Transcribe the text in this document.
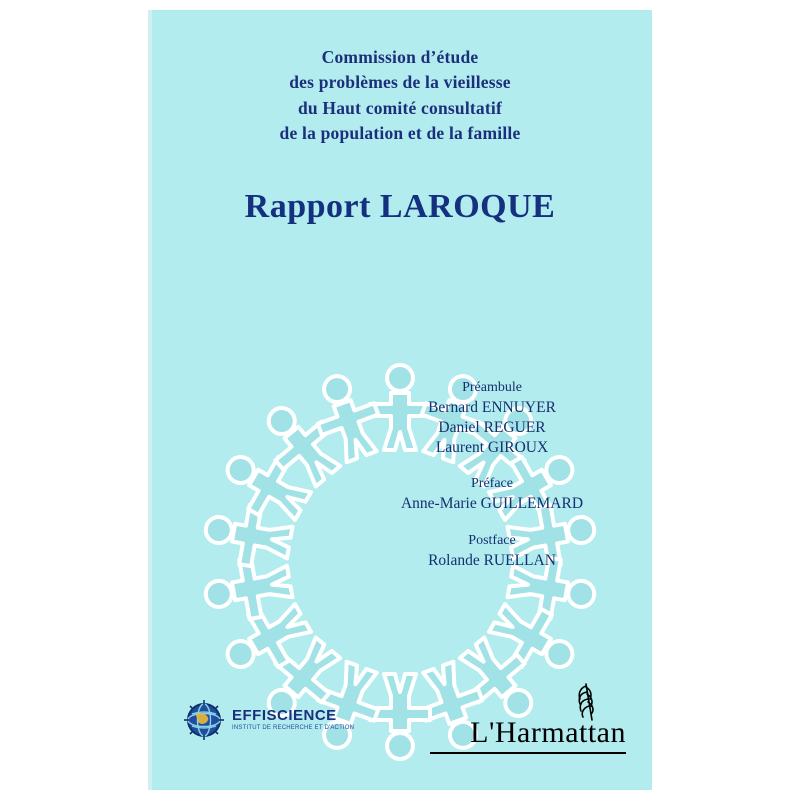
Commission d’étude
des problèmes de la vieillesse
du Haut comité consultatif
de la population et de la famille
Rapport LAROQUE
Préambule
Bernard ENNUYER
Daniel REGUER
Laurent GIROUX
Préface
Anne-Marie GUILLEMARD
Postface
Rolande RUELLAN
EFFISCIENCE
INSTITUT DE RECHERCHE ET D'ACTION	L'Harmattan
